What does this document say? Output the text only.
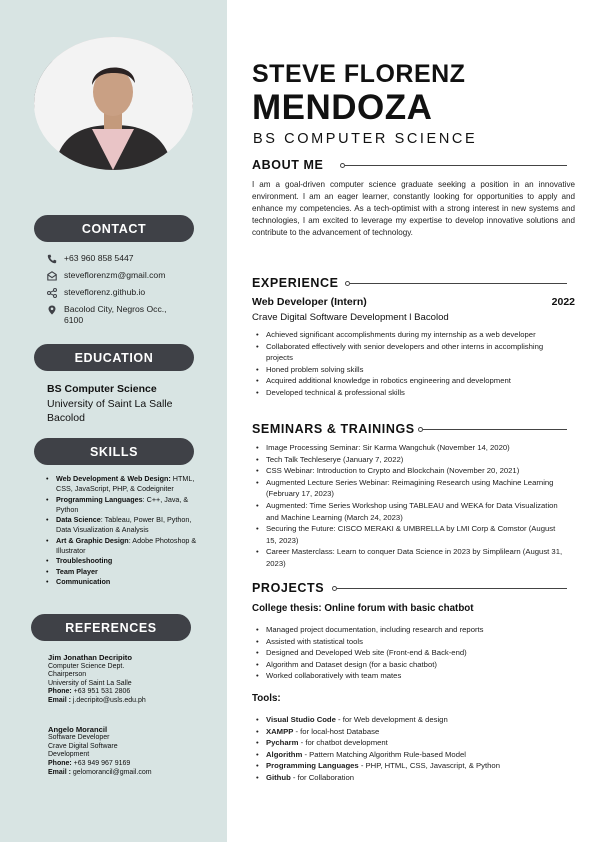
CONTACT
+63 960 858 5447
steveflorenzm@gmail.com
steveflorenz.github.io
Bacolod City, Negros Occ.,
6100
EDUCATION
BS Computer Science
University of Saint La Salle
Bacolod
SKILLS
• Web Development & Web Design: HTML, CSS, JavaScript, PHP, & Codeigniter
• Programming Languages: C++, Java, & Python
• Data Science: Tableau, Power BI, Python, Data Visualization & Analysis
• Art & Graphic Design: Adobe Photoshop & Illustrator
• Troubleshooting
• Team Player
• Communication
REFERENCES
Jim Jonathan Decripito
Computer Science Dept.
Chairperson
University of Saint La Salle
Phone: +63 951 531 2806
Email : j.decripito@usls.edu.ph
Angelo Morancil
Software Developer
Crave Digital Software
Development
Phone: +63 949 967 9169
Email : gelomorancil@gmail.com
STEVE FLORENZ
MENDOZA
BS COMPUTER SCIENCE
ABOUT ME
I am a goal-driven computer science graduate seeking a position in an innovative environment. I am an eager learner, constantly looking for opportunities to apply and enhance my competencies. As a tech-optimist with a strong interest in new systems and technologies, I am excited to leverage my expertise to develop innovative solutions and contribute to the advancement of technology.
EXPERIENCE
Web Developer (Intern)	2022
Crave Digital Software Development l Bacolod
• Achieved significant accomplishments during my internship as a web developer
• Collaborated effectively with senior developers and other interns in accomplishing projects
• Honed problem solving skills
• Acquired additional knowledge in robotics engineering and development
• Developed technical & professional skills
SEMINARS & TRAININGS
• Image Processing Seminar: Sir Karma Wangchuk (November 14, 2020)
• Tech Talk Techleserye (January 7, 2022)
• CSS Webinar: Introduction to Crypto and Blockchain (November 20, 2021)
• Augmented Lecture Series Webinar: Reimagining Research using Machine Learning (February 17, 2023)
• Augmented: Time Series Workshop using TABLEAU and WEKA for Data Visualization and Machine Learning (March 24, 2023)
• Securing the Future: CISCO MERAKI & UMBRELLA by LMI Corp & Comstor (August 15, 2023)
• Career Masterclass: Learn to conquer Data Science in 2023 by Simplilearn (August 31, 2023)
PROJECTS
College thesis: Online forum with basic chatbot
• Managed project documentation, including research and reports
• Assisted with statistical tools
• Designed and Developed Web site (Front-end & Back-end)
• Algorithm and Dataset design (for a basic chatbot)
• Worked collaboratively with team mates
Tools:
• Visual Studio Code - for Web development & design
• XAMPP - for local-host Database
• Pycharm - for chatbot development
• Algorithm - Pattern Matching Algorithm Rule-based Model
• Programming Languages - PHP, HTML, CSS, Javascript, & Python
• Github - for Collaboration
